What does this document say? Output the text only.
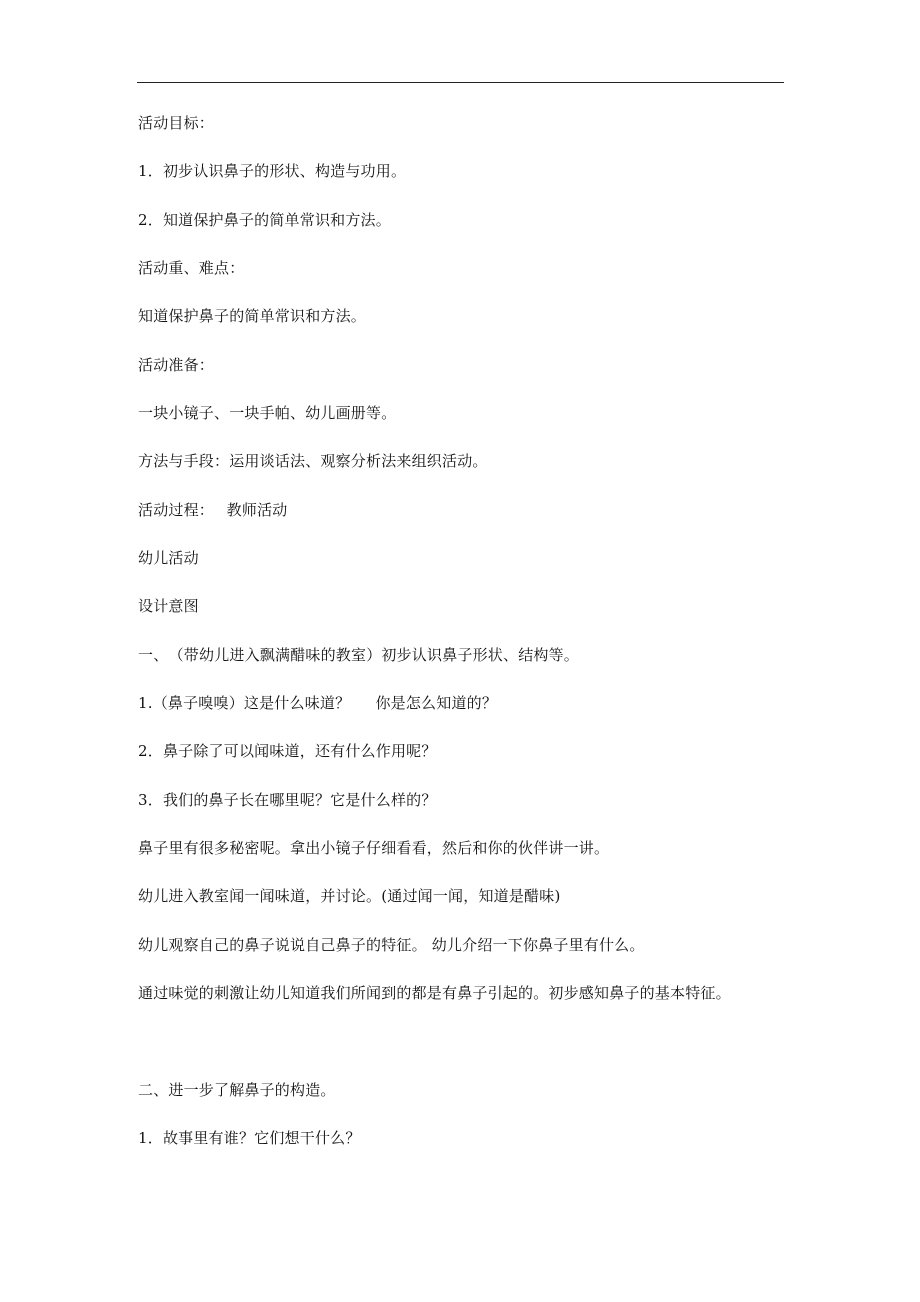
活动目标：
1．初步认识鼻子的形状、构造与功用。
2．知道保护鼻子的简单常识和方法。
活动重、难点：
知道保护鼻子的简单常识和方法。
活动准备：
一块小镜子、一块手帕、幼儿画册等。
方法与手段：运用谈话法、观察分析法来组织活动。
活动过程：　 教师活动
幼儿活动
设计意图
一、　（带幼儿进入飘满醋味的教室）初步认识鼻子形状、结构等。
1.（鼻子嗅嗅）这是什么味道？　  你是怎么知道的？
2．鼻子除了可以闻味道，还有什么作用呢？
3．我们的鼻子长在哪里呢？它是什么样的？
鼻子里有很多秘密呢。拿出小镜子仔细看看，然后和你的伙伴讲一讲。
幼儿进入教室闻一闻味道，并讨论。(通过闻一闻，知道是醋味)
幼儿观察自己的鼻子说说自己鼻子的特征。 幼儿介绍一下你鼻子里有什么。
通过味觉的刺激让幼儿知道我们所闻到的都是有鼻子引起的。初步感知鼻子的基本特征。
二、进一步了解鼻子的构造。
1．故事里有谁？它们想干什么？
